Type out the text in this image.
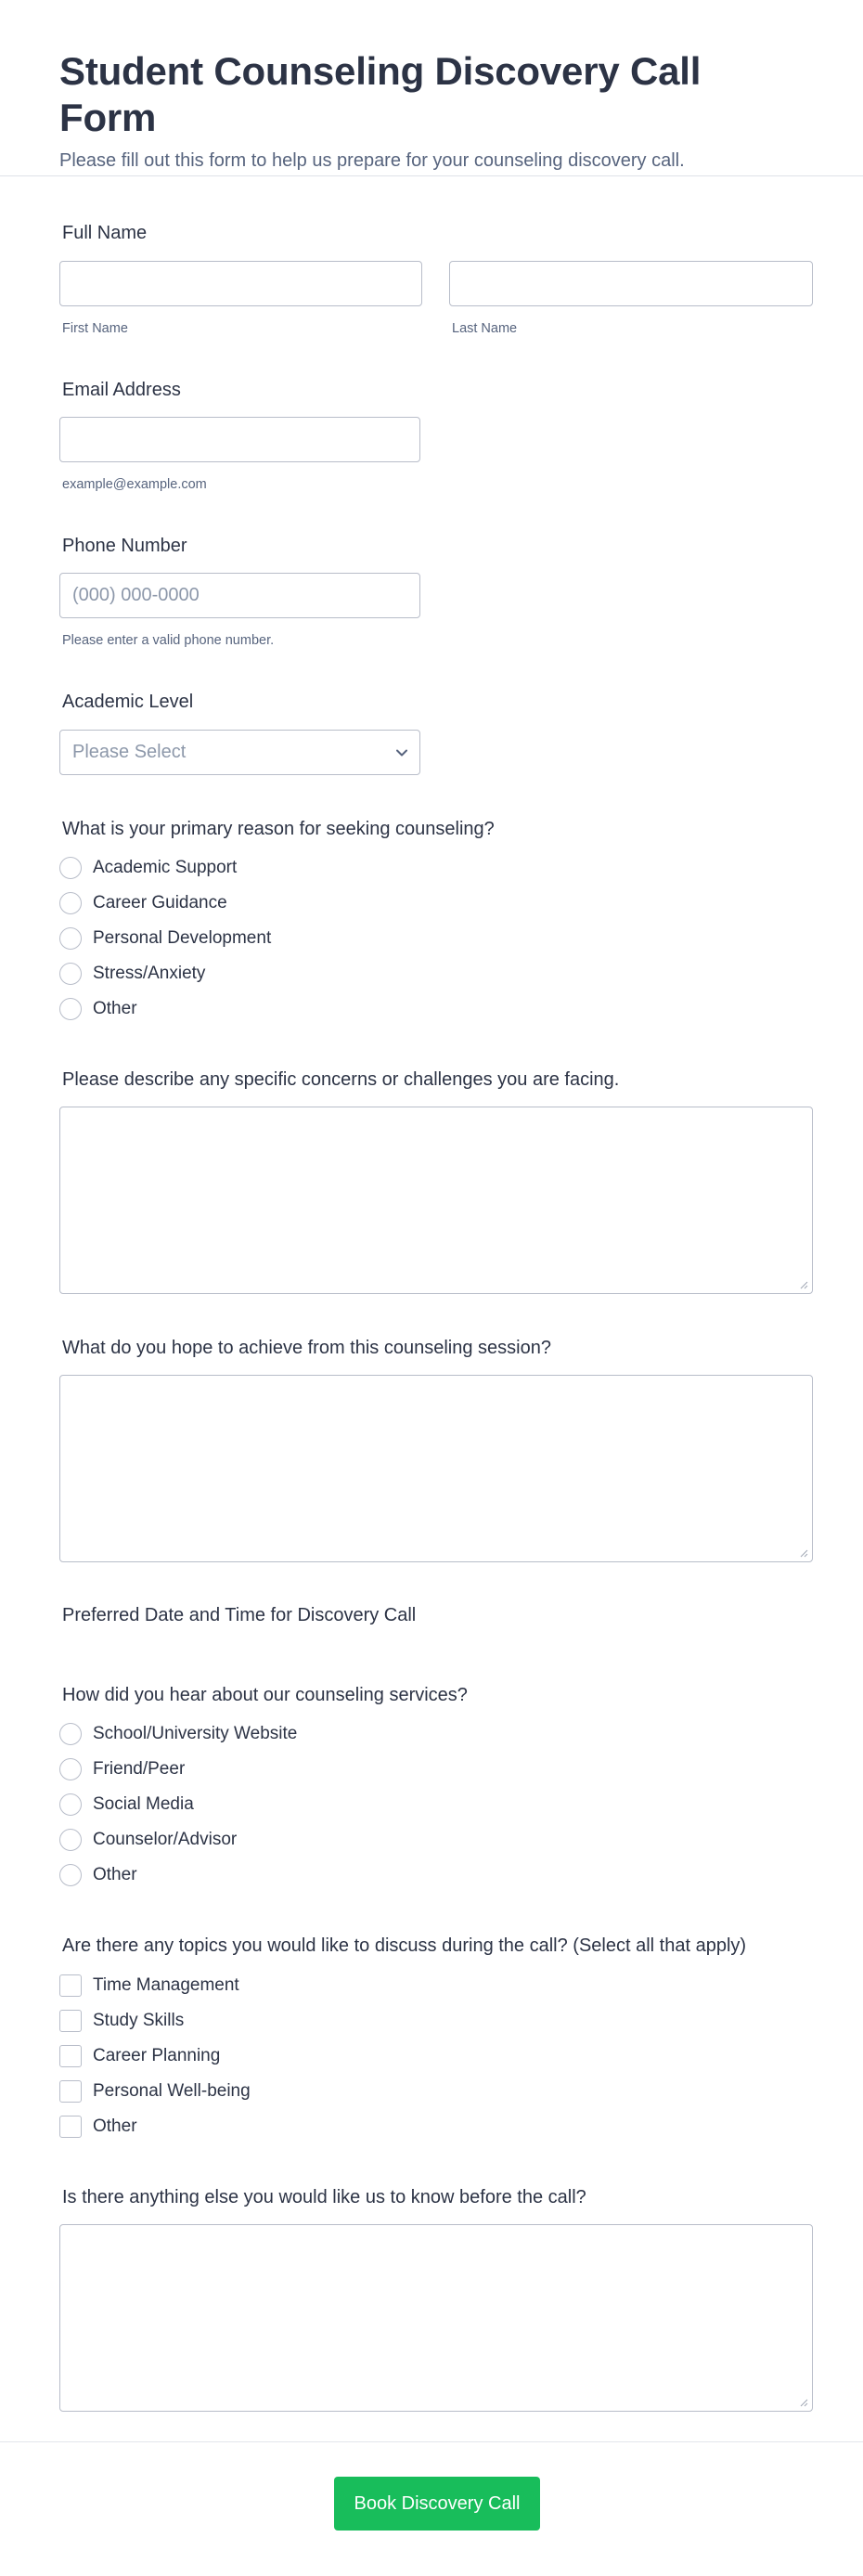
Student Counseling Discovery Call Form

Please fill out this form to help us prepare for your counseling discovery call.

Full Name
First Name	Last Name
Email Address
example@example.com
Phone Number
(000) 000-0000
Please enter a valid phone number.
Academic Level
Please Select
What is your primary reason for seeking counseling?
Academic Support
Career Guidance
Personal Development
Stress/Anxiety
Other
Please describe any specific concerns or challenges you are facing.
What do you hope to achieve from this counseling session?
Preferred Date and Time for Discovery Call
How did you hear about our counseling services?
School/University Website
Friend/Peer
Social Media
Counselor/Advisor
Other
Are there any topics you would like to discuss during the call? (Select all that apply)
Time Management
Study Skills
Career Planning
Personal Well-being
Other
Is there anything else you would like us to know before the call?
Book Discovery Call
